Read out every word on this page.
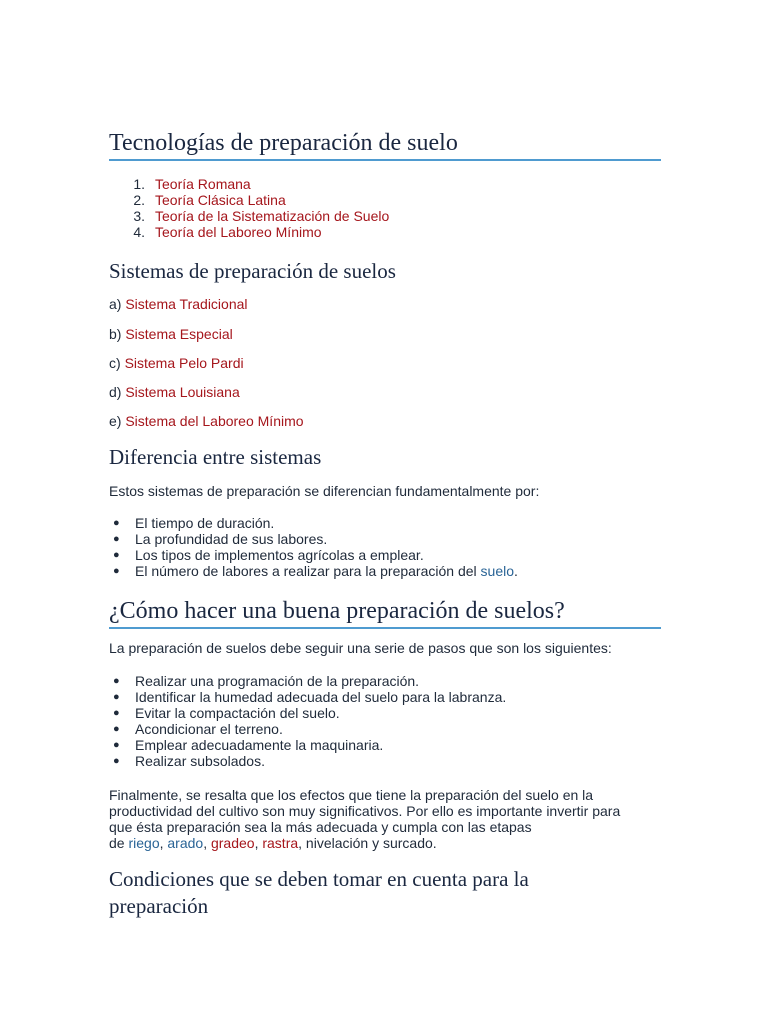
Tecnologías de preparación de suelo
1. Teoría Romana
2. Teoría Clásica Latina
3. Teoría de la Sistematización de Suelo
4. Teoría del Laboreo Mínimo
Sistemas de preparación de suelos
a) Sistema Tradicional
b) Sistema Especial
c) Sistema Pelo Pardi
d) Sistema Louisiana
e) Sistema del Laboreo Mínimo
Diferencia entre sistemas

Estos sistemas de preparación se diferencian fundamentalmente por:

● El tiempo de duración.
● La profundidad de sus labores.
● Los tipos de implementos agrícolas a emplear.
● El número de labores a realizar para la preparación del suelo.
¿Cómo hacer una buena preparación de suelos?

La preparación de suelos debe seguir una serie de pasos que son los siguientes:

● Realizar una programación de la preparación.
● Identificar la humedad adecuada del suelo para la labranza.
● Evitar la compactación del suelo.
● Acondicionar el terreno.
● Emplear adecuadamente la maquinaria.
● Realizar subsolados.
Finalmente, se resalta que los efectos que tiene la preparación del suelo en la
productividad del cultivo son muy significativos. Por ello es importante invertir para
que ésta preparación sea la más adecuada y cumpla con las etapas
de riego, arado, gradeo, rastra, nivelación y surcado.
Condiciones que se deben tomar en cuenta para la
preparación
